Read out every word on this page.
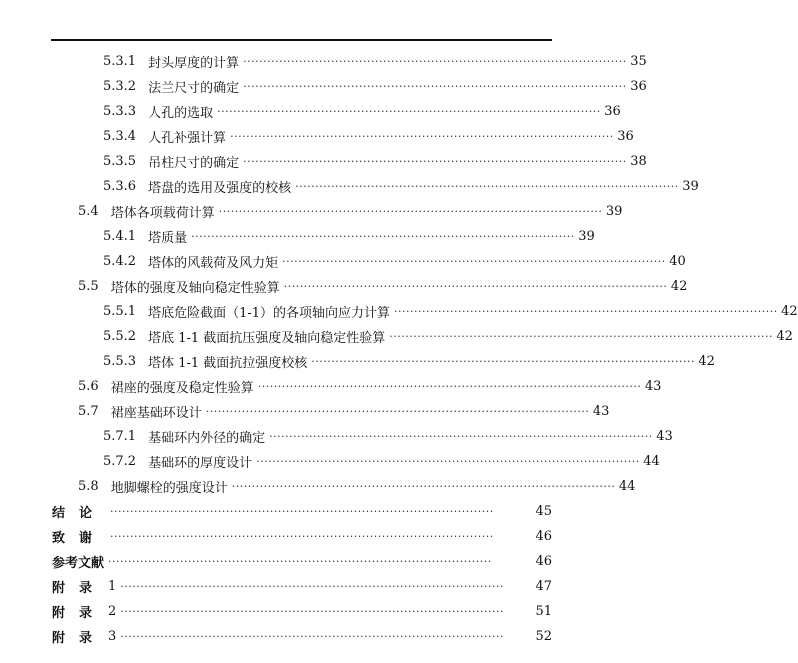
5.3.1 封头厚度的计算 ································································································ 35
5.3.2 法兰尺寸的确定 ································································································ 36
5.3.3 人孔的选取 ································································································ 36
5.3.4 人孔补强计算 ································································································ 36
5.3.5 吊柱尺寸的确定 ································································································ 38
5.3.6 塔盘的选用及强度的校核 ································································································ 39
5.4 塔体各项载荷计算 ································································································ 39
5.4.1 塔质量 ································································································ 39
5.4.2 塔体的风载荷及风力矩 ································································································ 40
5.5 塔体的强度及轴向稳定性验算 ································································································ 42
5.5.1 塔底危险截面（1-1）的各项轴向应力计算 ································································································ 42
5.5.2 塔底 1-1 截面抗压强度及轴向稳定性验算 ································································································ 42
5.5.3 塔体 1-1 截面抗拉强度校核 ································································································ 42
5.6 裙座的强度及稳定性验算 ································································································ 43
5.7 裙座基础环设计 ································································································ 43
5.7.1 基础环内外径的确定 ································································································ 43
5.7.2 基础环的厚度设计 ································································································ 44
5.8 地脚螺栓的强度设计 ································································································ 44
结论 ································································································	45
致谢 ································································································	46
参考文献 ································································································	46
附录 1 ································································································	47
附录 2 ································································································	51
附录 3 ································································································	52
